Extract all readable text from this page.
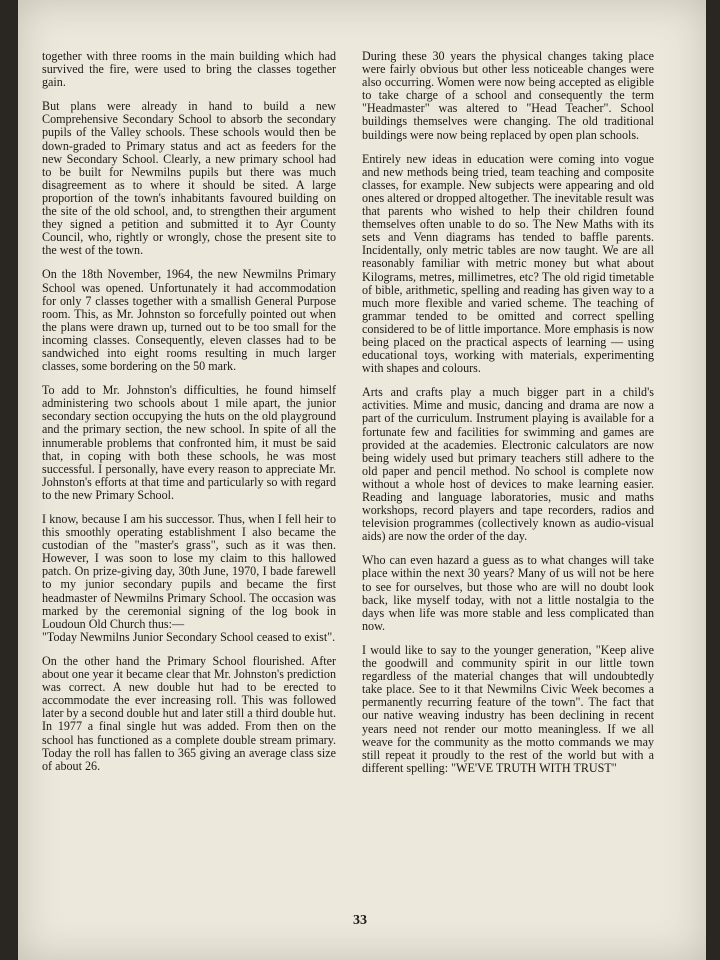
together with three rooms in the main building which had survived the fire, were used to bring the classes together gain.

But plans were already in hand to build a new Comprehensive Secondary School to absorb the secondary pupils of the Valley schools. These schools would then be down-graded to Primary status and act as feeders for the new Secondary School. Clearly, a new primary school had to be built for Newmilns pupils but there was much disagreement as to where it should be sited. A large proportion of the town's inhabitants favoured building on the site of the old school, and, to strengthen their argument they signed a petition and submitted it to Ayr County Council, who, rightly or wrongly, chose the present site to the west of the town.

On the 18th November, 1964, the new Newmilns Primary School was opened. Unfortunately it had accommodation for only 7 classes together with a smallish General Purpose room. This, as Mr. Johnston so forcefully pointed out when the plans were drawn up, turned out to be too small for the incoming classes. Consequently, eleven classes had to be sandwiched into eight rooms resulting in much larger classes, some bordering on the 50 mark.

To add to Mr. Johnston's difficulties, he found himself administering two schools about 1 mile apart, the junior secondary section occupying the huts on the old playground and the primary section, the new school. In spite of all the innumerable problems that confronted him, it must be said that, in coping with both these schools, he was most successful. I personally, have every reason to appreciate Mr. Johnston's efforts at that time and particularly so with regard to the new Primary School.

I know, because I am his successor. Thus, when I fell heir to this smoothly operating establishment I also became the custodian of the "master's grass", such as it was then. However, I was soon to lose my claim to this hallowed patch. On prize-giving day, 30th June, 1970, I bade farewell to my junior secondary pupils and became the first headmaster of Newmilns Primary School. The occasion was marked by the ceremonial signing of the log book in Loudoun Old Church thus:—

"Today Newmilns Junior Secondary School ceased to exist".

On the other hand the Primary School flourished. After about one year it became clear that Mr. Johnston's prediction was correct. A new double hut had to be erected to accommodate the ever increasing roll. This was followed later by a second double hut and later still a third double hut. In 1977 a final single hut was added. From then on the school has functioned as a complete double stream primary. Today the roll has fallen to 365 giving an average class size of about 26.

During these 30 years the physical changes taking place were fairly obvious but other less noticeable changes were also occurring. Women were now being accepted as eligible to take charge of a school and consequently the term "Headmaster" was altered to "Head Teacher". School buildings themselves were changing. The old traditional buildings were now being replaced by open plan schools.

Entirely new ideas in education were coming into vogue and new methods being tried, team teaching and composite classes, for example. New subjects were appearing and old ones altered or dropped altogether. The inevitable result was that parents who wished to help their children found themselves often unable to do so. The New Maths with its sets and Venn diagrams has tended to baffle parents. Incidentally, only metric tables are now taught. We are all reasonably familiar with metric money but what about Kilograms, metres, millimetres, etc? The old rigid timetable of bible, arithmetic, spelling and reading has given way to a much more flexible and varied scheme. The teaching of grammar tended to be omitted and correct spelling considered to be of little importance. More emphasis is now being placed on the practical aspects of learning — using educational toys, working with materials, experimenting with shapes and colours.

Arts and crafts play a much bigger part in a child's activities. Mime and music, dancing and drama are now a part of the curriculum. Instrument playing is available for a fortunate few and facilities for swimming and games are provided at the academies. Electronic calculators are now being widely used but primary teachers still adhere to the old paper and pencil method. No school is complete now without a whole host of devices to make learning easier. Reading and language laboratories, music and maths workshops, record players and tape recorders, radios and television programmes (collectively known as audio-visual aids) are now the order of the day.

Who can even hazard a guess as to what changes will take place within the next 30 years? Many of us will not be here to see for ourselves, but those who are will no doubt look back, like myself today, with not a little nostalgia to the days when life was more stable and less complicated than now.

I would like to say to the younger generation, "Keep alive the goodwill and community spirit in our little town regardless of the material changes that will undoubtedly take place. See to it that Newmilns Civic Week becomes a permanently recurring feature of the town". The fact that our native weaving industry has been declining in recent years need not render our motto meaningless. If we all weave for the community as the motto commands we may still repeat it proudly to the rest of the world but with a different spelling: "WE'VE TRUTH WITH TRUST"

33
